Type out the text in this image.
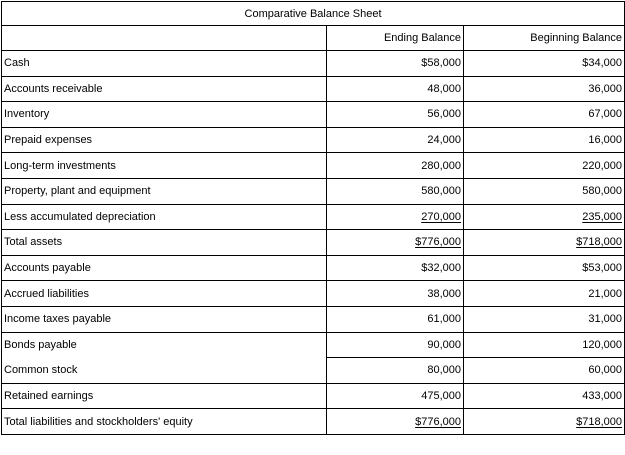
Comparative Balance Sheet		
	Ending Balance	Beginning Balance
Cash	$58,000	$34,000
Accounts receivable	48,000	36,000
Inventory	56,000	67,000
Prepaid expenses	24,000	16,000
Long-term investments	280,000	220,000
Property, plant and equipment	580,000	580,000
Less accumulated depreciation	270,000	235,000
Total assets	$776,000	$718,000
Accounts payable	$32,000	$53,000
Accrued liabilities	38,000	21,000
Income taxes payable	61,000	31,000
Bonds payable	90,000	120,000
Common stock	80,000	60,000
Retained earnings	475,000	433,000
Total liabilities and stockholders' equity	$776,000	$718,000
